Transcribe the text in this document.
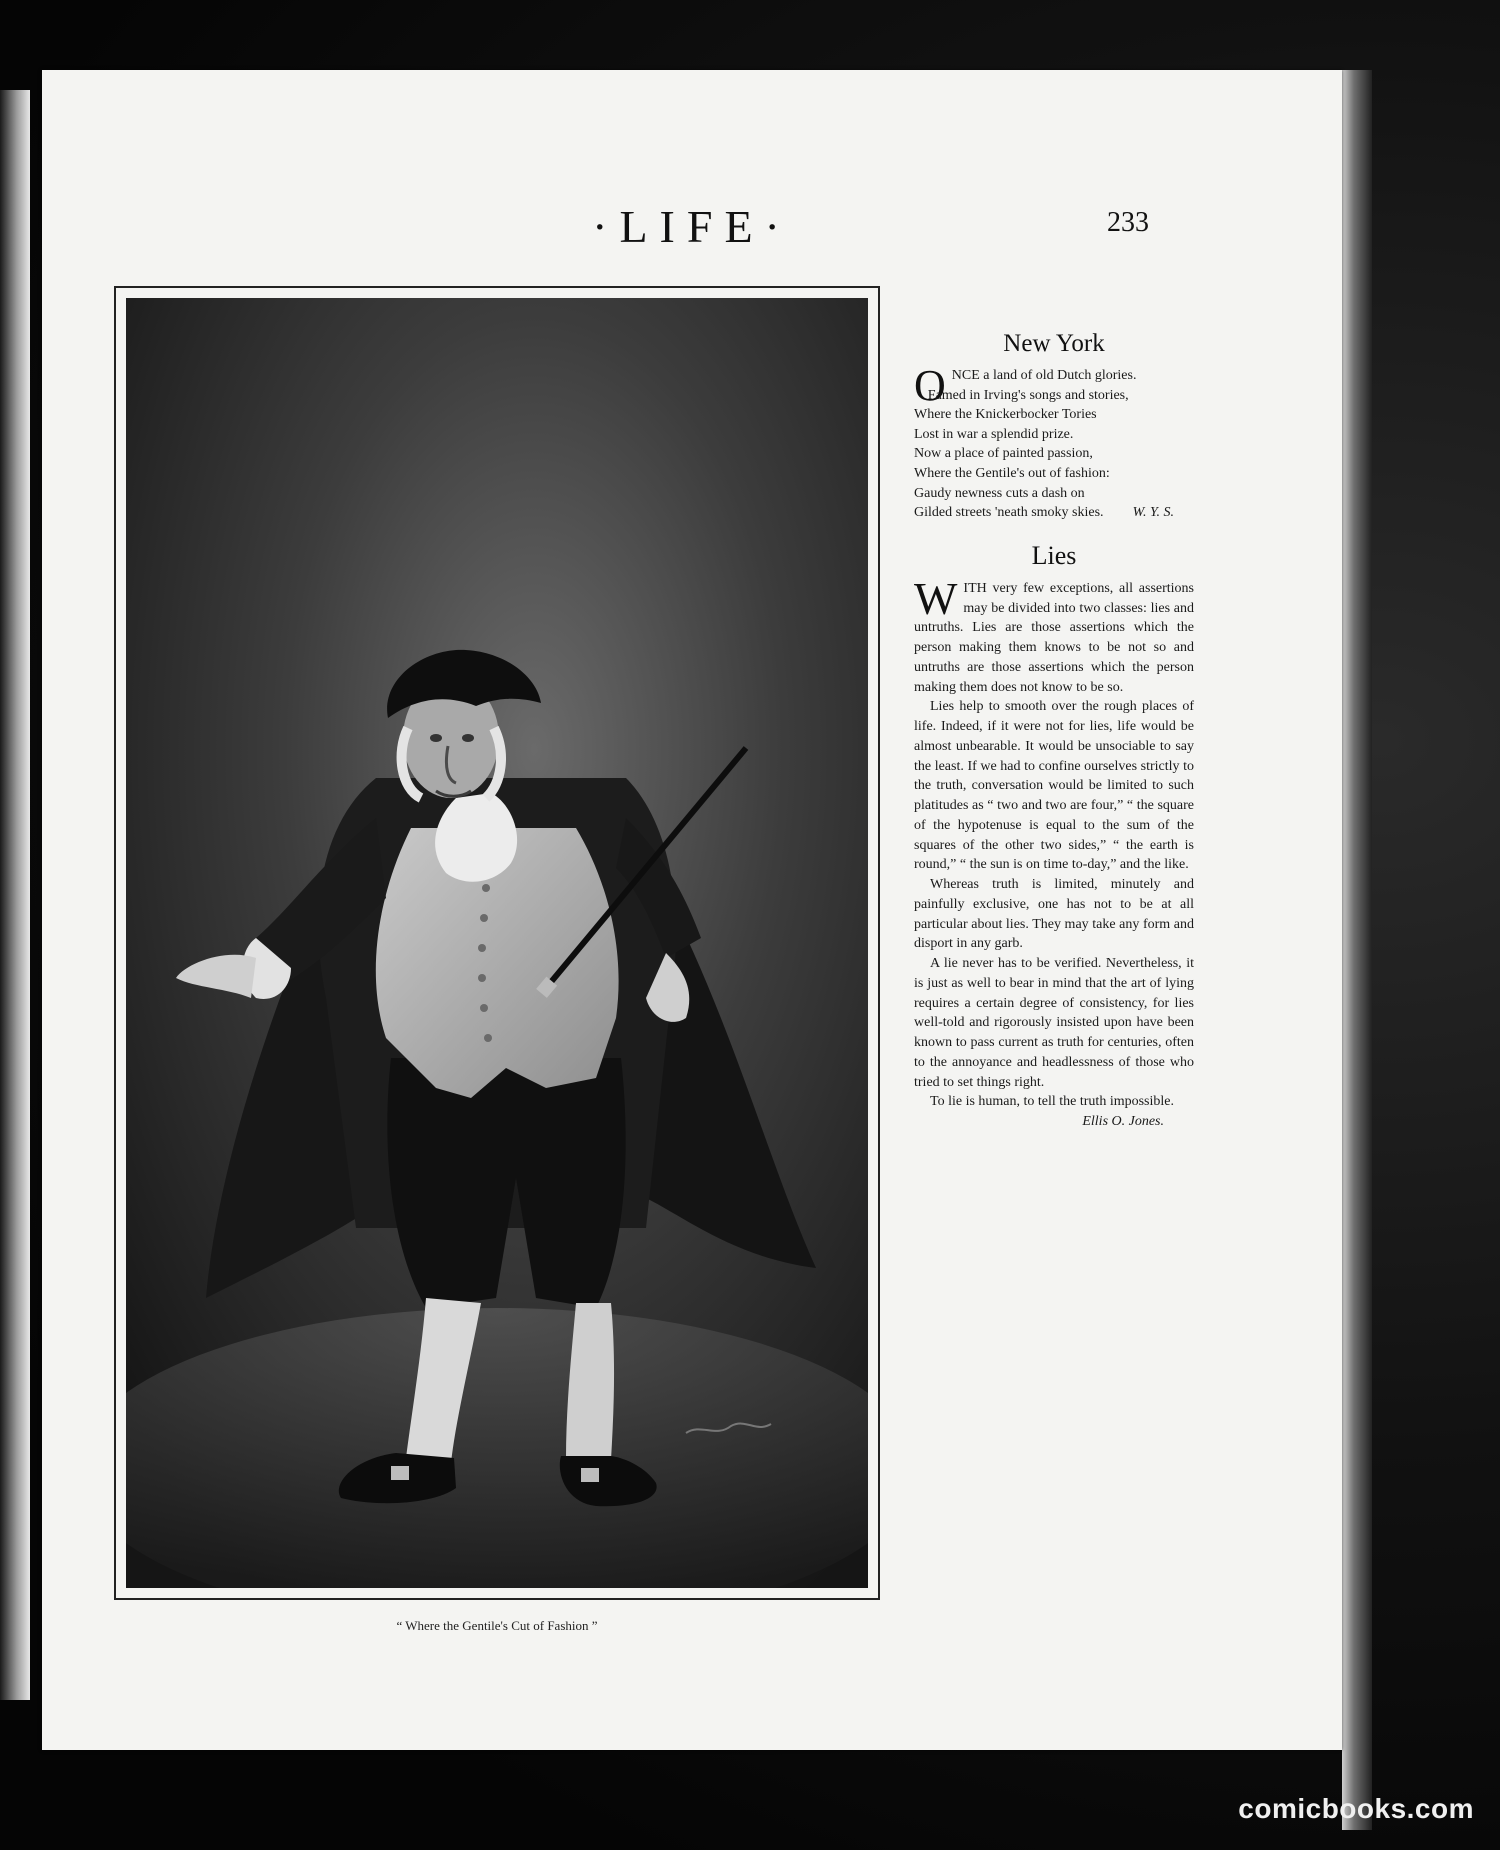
·LIFE·	233
“ Where the Gentile's Cut of Fashion ”
New York
O NCE a land of old Dutch glories.
Famed in Irving's songs and stories,
Where the Knickerbocker Tories
Lost in war a splendid prize.
Now a place of painted passion,
Where the Gentile's out of fashion:
Gaudy newness cuts a dash on
Gilded streets 'neath smoky skies.	W. Y. S.
Lies

WITH very few exceptions, all assertions may be divided into two classes: lies and untruths. Lies are those assertions which the person making them knows to be not so and untruths are those assertions which the person making them does not know to be so.

Lies help to smooth over the rough places of life. Indeed, if it were not for lies, life would be almost unbearable. It would be unsociable to say the least. If we had to confine ourselves strictly to the truth, conversation would be limited to such platitudes as “ two and two are four,” “ the square of the hypotenuse is equal to the sum of the squares of the other two sides,” “ the earth is round,” “ the sun is on time to-day,” and the like.

Whereas truth is limited, minutely and painfully exclusive, one has not to be at all particular about lies. They may take any form and disport in any garb.

A lie never has to be verified. Nevertheless, it is just as well to bear in mind that the art of lying requires a certain degree of consistency, for lies well-told and rigorously insisted upon have been known to pass current as truth for centuries, often to the annoyance and headlessness of those who tried to set things right.

To lie is human, to tell the truth impossible.

Ellis O. Jones.
comicbooks.com
